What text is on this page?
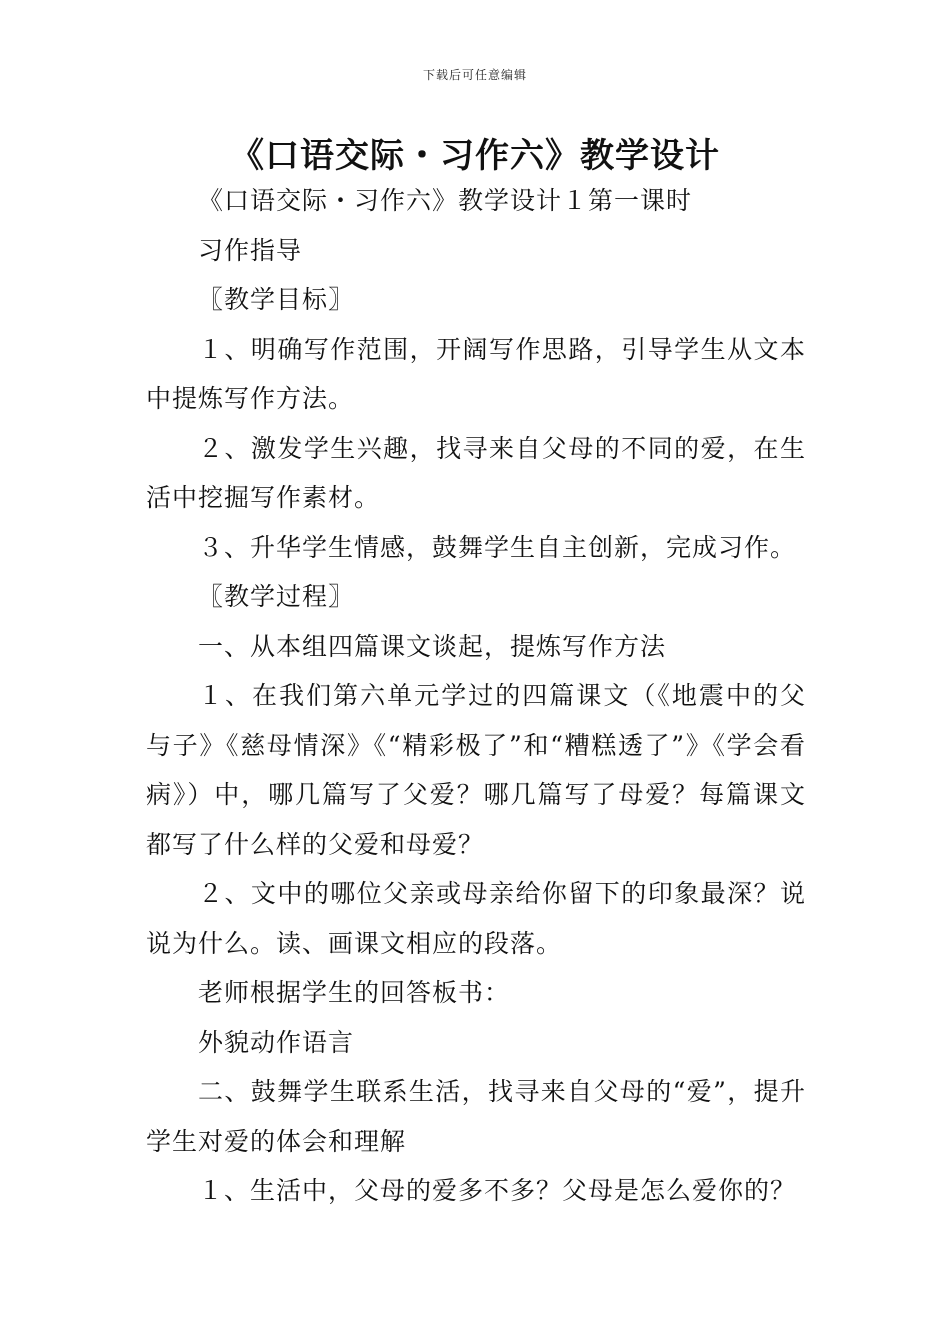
下载后可任意编辑
《口语交际・习作六》教学设计

《口语交际・习作六》教学设计１第一课时

习作指导

〖教学目标〗

１、明确写作范围，开阔写作思路，引导学生从文本中提炼写作方法。

２、激发学生兴趣，找寻来自父母的不同的爱，在生活中挖掘写作素材。

３、升华学生情感，鼓舞学生自主创新，完成习作。

〖教学过程〗

一、从本组四篇课文谈起，提炼写作方法

１、在我们第六单元学过的四篇课文（《地震中的父与子》《慈母情深》《“精彩极了”和“糟糕透了”》《学会看病》）中，哪几篇写了父爱？哪几篇写了母爱？每篇课文都写了什么样的父爱和母爱？

２、文中的哪位父亲或母亲给你留下的印象最深？说说为什么。读、画课文相应的段落。

老师根据学生的回答板书：

外貌动作语言

二、鼓舞学生联系生活，找寻来自父母的“爱”，提升学生对爱的体会和理解

１、生活中，父母的爱多不多？父母是怎么爱你的？
